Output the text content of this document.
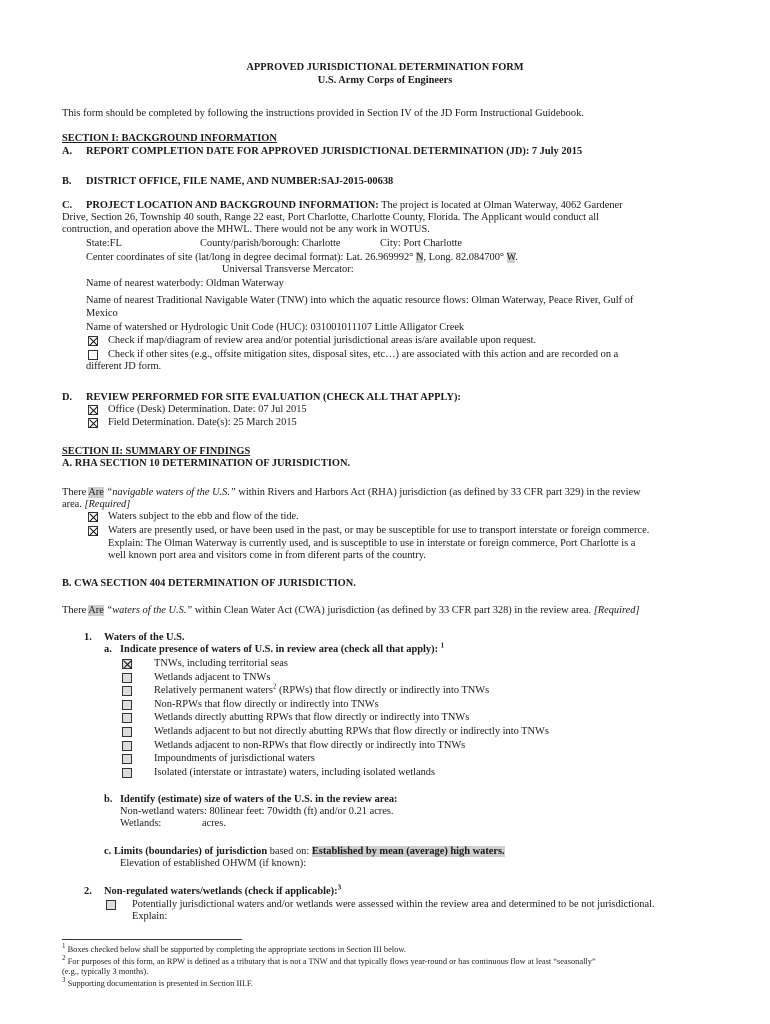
APPROVED JURISDICTIONAL DETERMINATION FORM
U.S. Army Corps of Engineers
This form should be completed by following the instructions provided in Section IV of the JD Form Instructional Guidebook.
SECTION I: BACKGROUND INFORMATION
A. REPORT COMPLETION DATE FOR APPROVED JURISDICTIONAL DETERMINATION (JD): 7 July 2015
B. DISTRICT OFFICE, FILE NAME, AND NUMBER:SAJ-2015-00638
C. PROJECT LOCATION AND BACKGROUND INFORMATION: The project is located at Olman Waterway, 4062 Gardener
Drive, Section 26, Township 40 south, Range 22 east, Port Charlotte, Charlotte County, Florida. The Applicant would conduct all
contruction, and operation above the MHWL. There would not be any work in WOTUS.
State:FL	County/parish/borough: Charlotte	City: Port Charlotte
Center coordinates of site (lat/long in degree decimal format): Lat. 26.969992° N, Long. 82.084700° W.
Universal Transverse Mercator:
Name of nearest waterbody: Oldman Waterway
Name of nearest Traditional Navigable Water (TNW) into which the aquatic resource flows: Olman Waterway, Peace River, Gulf of
Mexico
Name of watershed or Hydrologic Unit Code (HUC): 031001011107 Little Alligator Creek
Check if map/diagram of review area and/or potential jurisdictional areas is/are available upon request.
Check if other sites (e.g., offsite mitigation sites, disposal sites, etc…) are associated with this action and are recorded on a
different JD form.
D. REVIEW PERFORMED FOR SITE EVALUATION (CHECK ALL THAT APPLY):
Office (Desk) Determination. Date: 07 Jul 2015
Field Determination. Date(s): 25 March 2015
SECTION II: SUMMARY OF FINDINGS
A. RHA SECTION 10 DETERMINATION OF JURISDICTION.
There Are “navigable waters of the U.S.” within Rivers and Harbors Act (RHA) jurisdiction (as defined by 33 CFR part 329) in the review
area. [Required]
Waters subject to the ebb and flow of the tide.
Waters are presently used, or have been used in the past, or may be susceptible for use to transport interstate or foreign commerce.
Explain: The Olman Waterway is currently used, and is susceptible to use in interstate or foreign commerce, Port Charlotte is a
well known port area and visitors come in from diferent parts of the country.
B. CWA SECTION 404 DETERMINATION OF JURISDICTION.
There Are “waters of the U.S.” within Clean Water Act (CWA) jurisdiction (as defined by 33 CFR part 328) in the review area. [Required]
1. Waters of the U.S.
a. Indicate presence of waters of U.S. in review area (check all that apply): $^1$
TNWs, including territorial seas
Wetlands adjacent to TNWs
Relatively permanent waters$^2$ (RPWs) that flow directly or indirectly into TNWs
Non-RPWs that flow directly or indirectly into TNWs
Wetlands directly abutting RPWs that flow directly or indirectly into TNWs
Wetlands adjacent to but not directly abutting RPWs that flow directly or indirectly into TNWs
Wetlands adjacent to non-RPWs that flow directly or indirectly into TNWs
Impoundments of jurisdictional waters
Isolated (interstate or intrastate) waters, including isolated wetlands
b. Identify (estimate) size of waters of the U.S. in the review area:
Non-wetland waters: 80linear feet: 70width (ft) and/or 0.21 acres.
Wetlands:	acres.
c. Limits (boundaries) of jurisdiction based on: Established by mean (average) high waters.
Elevation of established OHWM (if known):
2. Non-regulated waters/wetlands (check if applicable):$^3$
Potentially jurisdictional waters and/or wetlands were assessed within the review area and determined to be not jurisdictional.
Explain:
$^1$ Boxes checked below shall be supported by completing the appropriate sections in Section III below.
$^2$ For purposes of this form, an RPW is defined as a tributary that is not a TNW and that typically flows year-round or has continuous flow at least “seasonally”
(e.g., typically 3 months).
$^3$ Supporting documentation is presented in Section III.F.
